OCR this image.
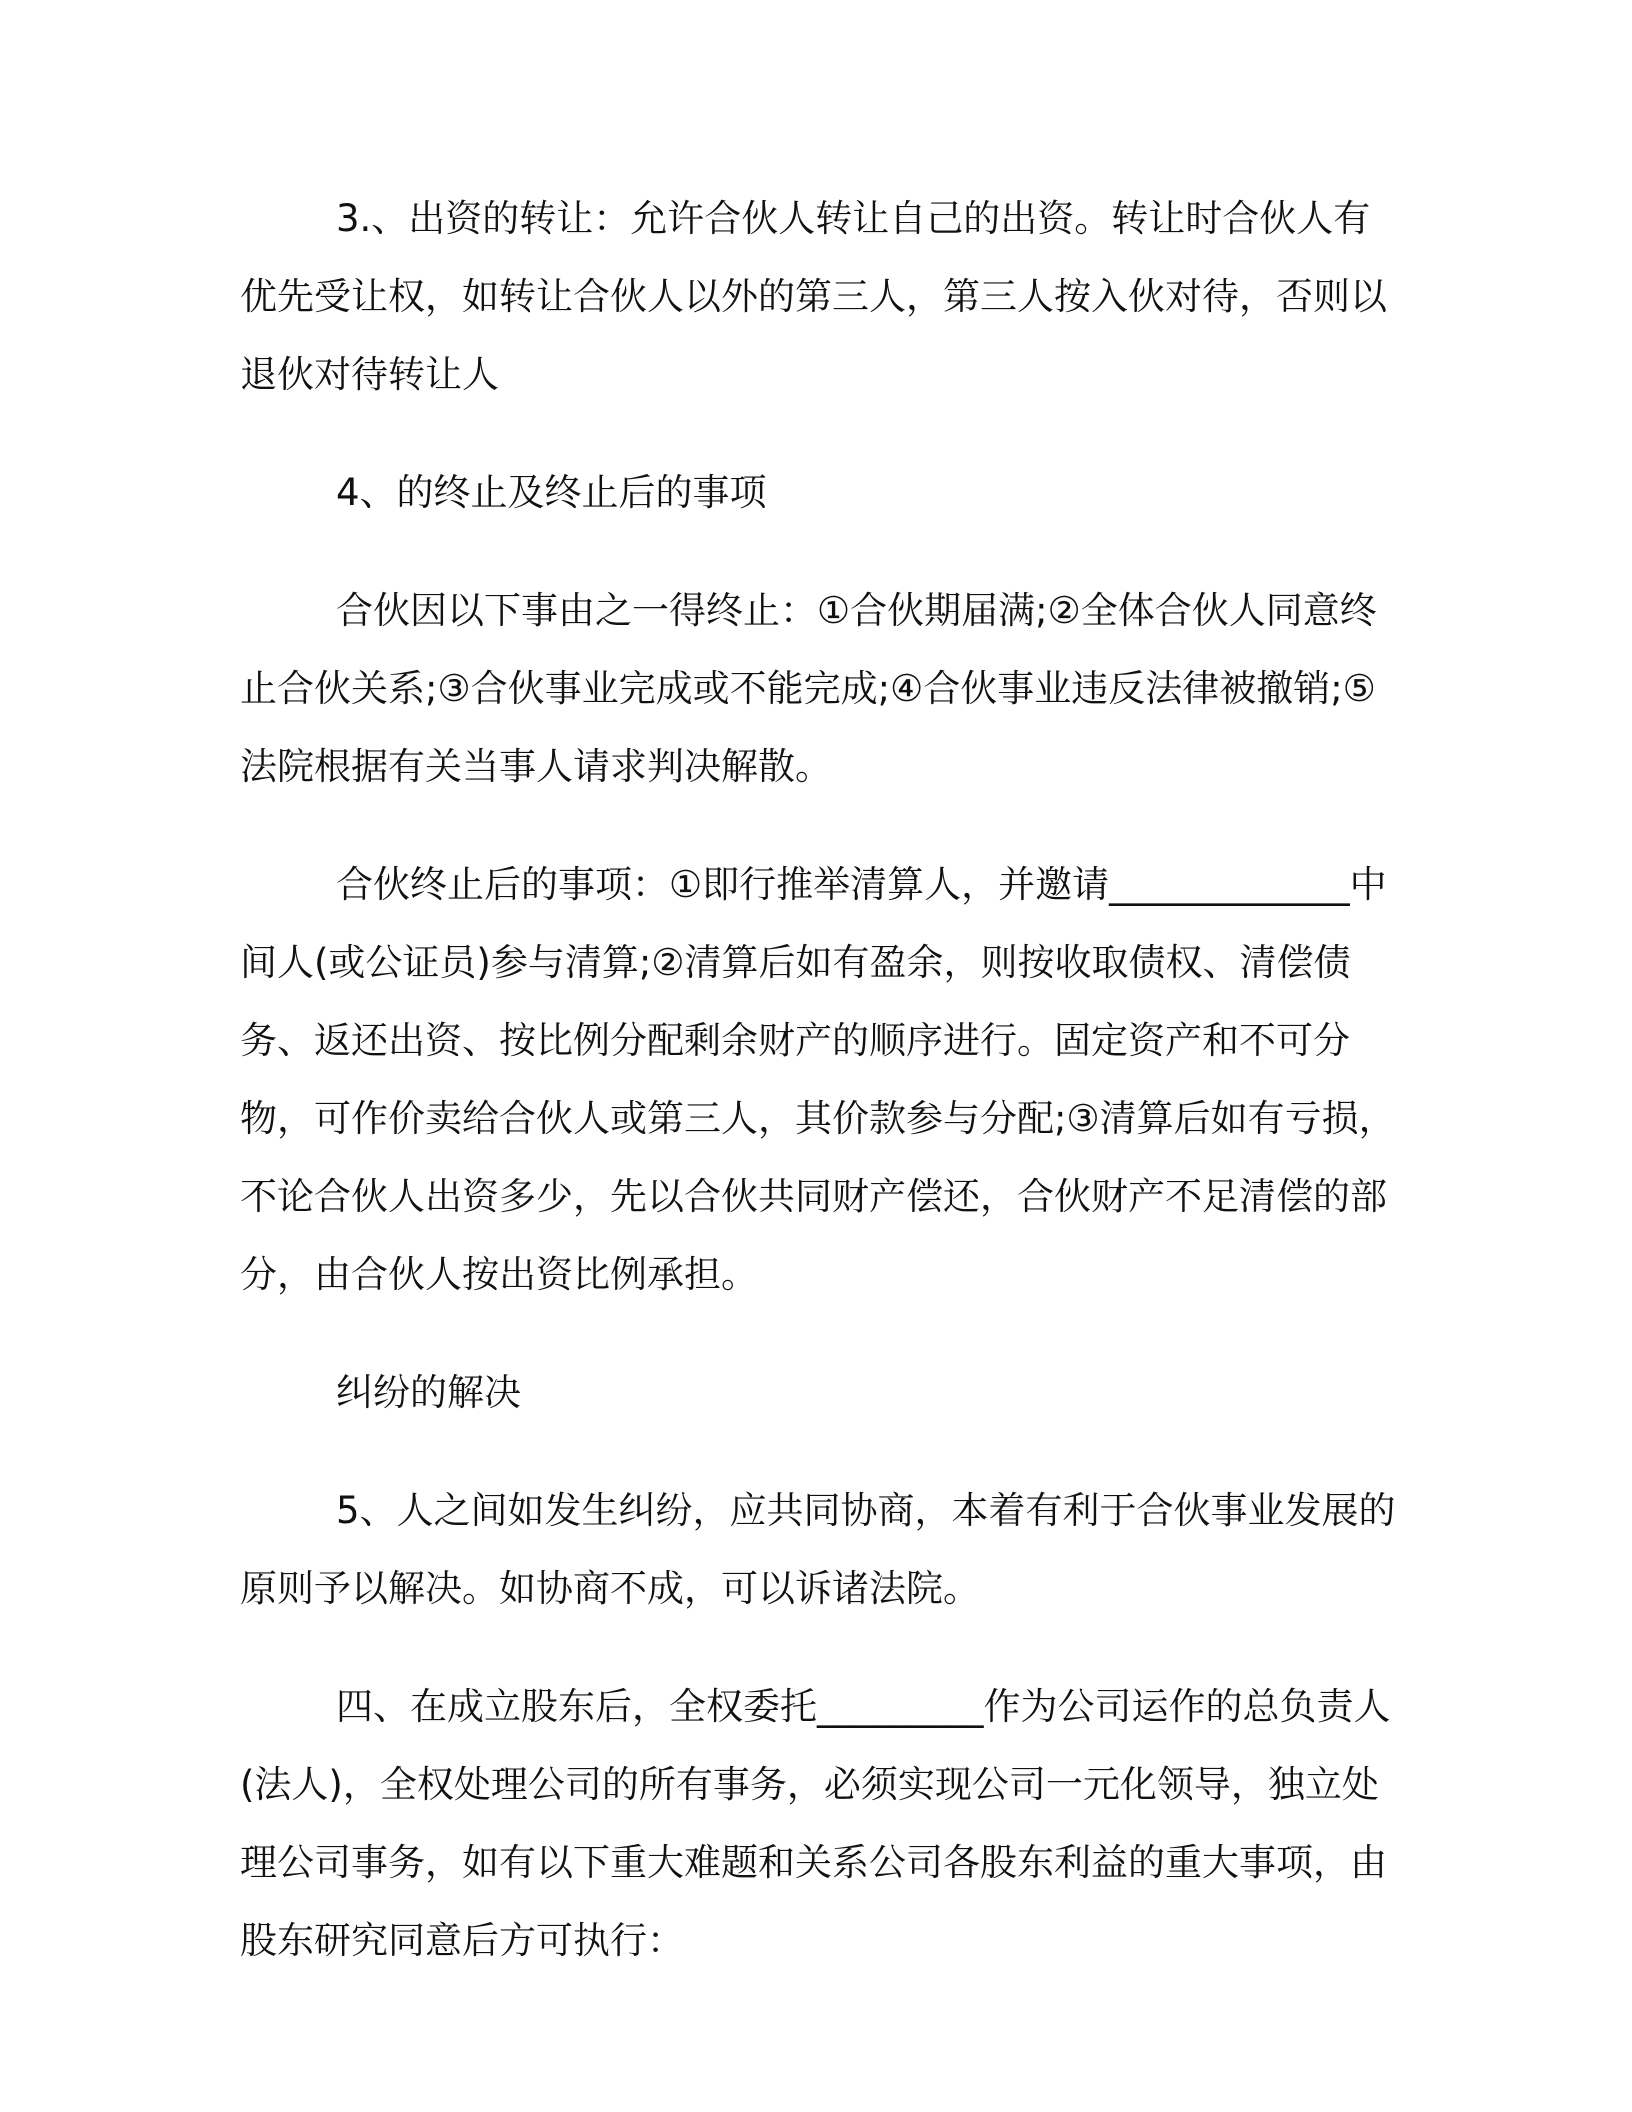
3.、出资的转让：允许合伙人转让自己的出资。转让时合伙人有优先受让权，如转让合伙人以外的第三人，第三人按入伙对待，否则以退伙对待转让人

4、的终止及终止后的事项

合伙因以下事由之一得终止：①合伙期届满;②全体合伙人同意终止合伙关系;③合伙事业完成或不能完成;④合伙事业违反法律被撤销;⑤法院根据有关当事人请求判决解散。

合伙终止后的事项：①即行推举清算人，并邀请_____________中间人(或公证员)参与清算;②清算后如有盈余，则按收取债权、清偿债务、返还出资、按比例分配剩余财产的顺序进行。固定资产和不可分物，可作价卖给合伙人或第三人，其价款参与分配;③清算后如有亏损，不论合伙人出资多少，先以合伙共同财产偿还，合伙财产不足清偿的部分，由合伙人按出资比例承担。

纠纷的解决

5、人之间如发生纠纷，应共同协商，本着有利于合伙事业发展的原则予以解决。如协商不成，可以诉诸法院。

四、在成立股东后，全权委托_________作为公司运作的总负责人(法人)，全权处理公司的所有事务，必须实现公司一元化领导，独立处理公司事务，如有以下重大难题和关系公司各股东利益的重大事项，由股东研究同意后方可执行：
